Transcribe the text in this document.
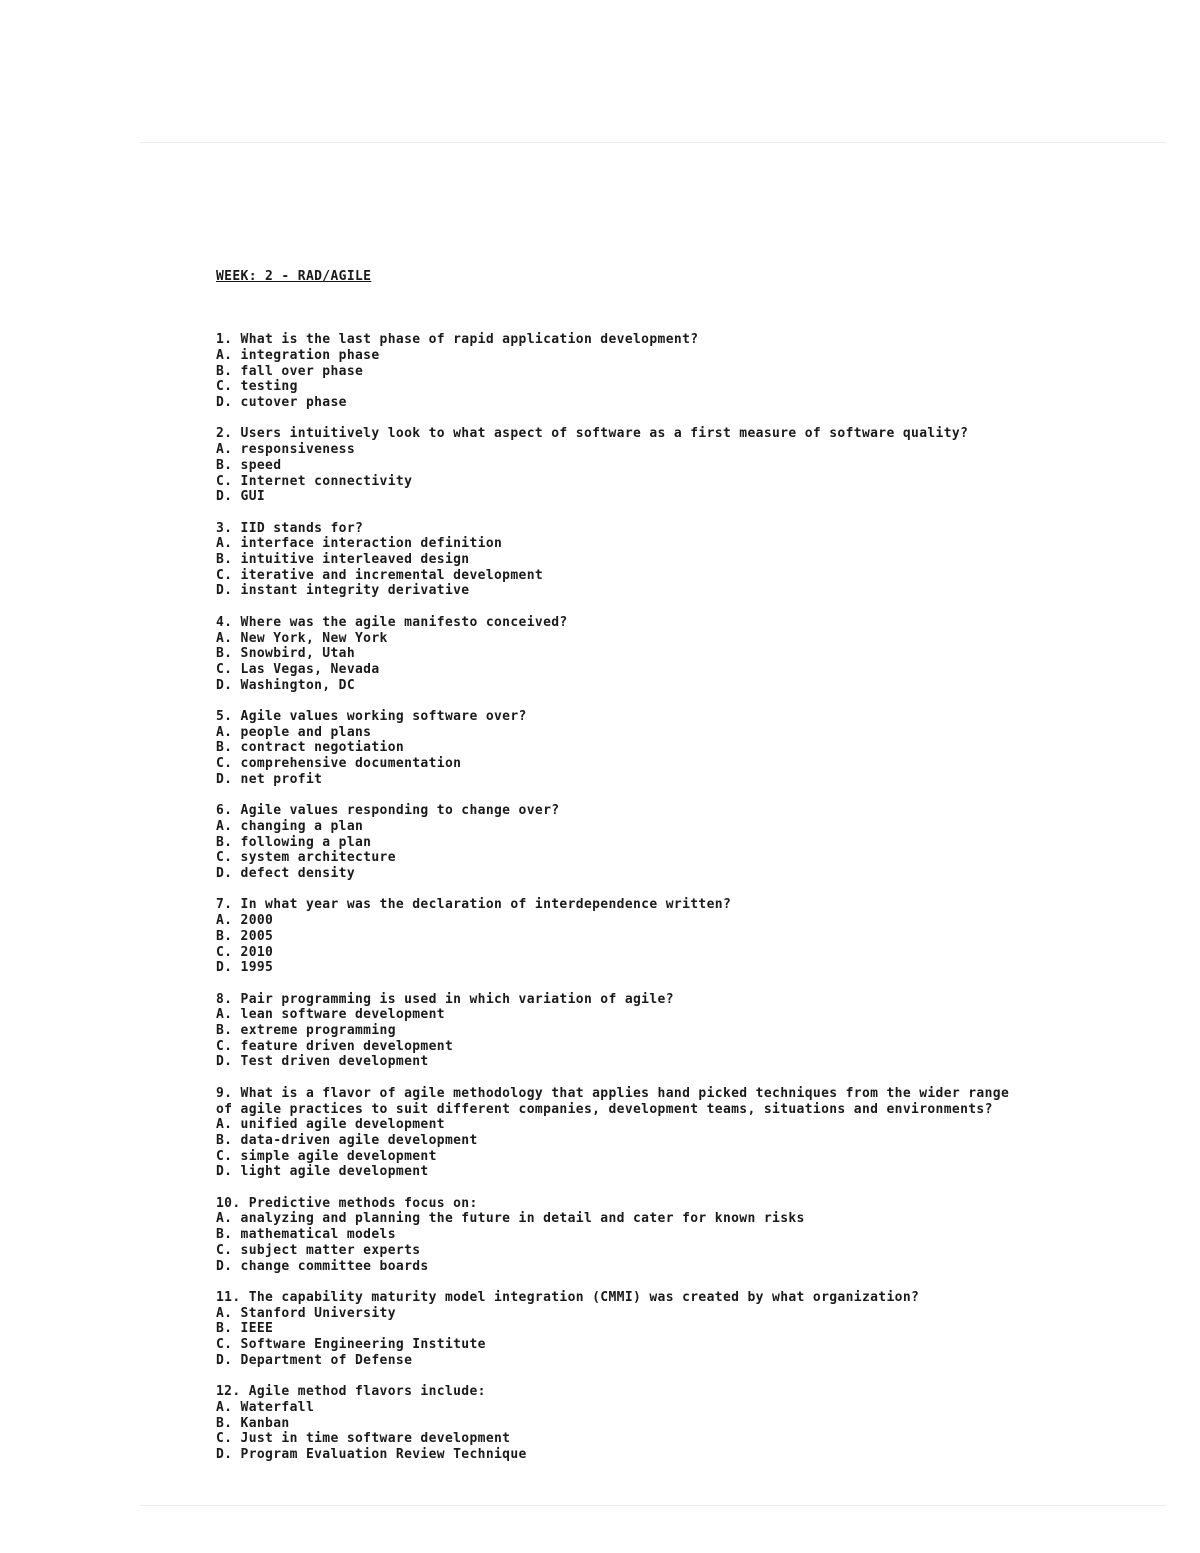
WEEK: 2 - RAD/AGILE

1. What is the last phase of rapid application development?
A. integration phase
B. fall over phase
C. testing
D. cutover phase
2. Users intuitively look to what aspect of software as a first measure of software quality?
A. responsiveness
B. speed
C. Internet connectivity
D. GUI
3. IID stands for?
A. interface interaction definition
B. intuitive interleaved design
C. iterative and incremental development
D. instant integrity derivative
4. Where was the agile manifesto conceived?
A. New York, New York
B. Snowbird, Utah
C. Las Vegas, Nevada
D. Washington, DC
5. Agile values working software over?
A. people and plans
B. contract negotiation
C. comprehensive documentation
D. net profit
6. Agile values responding to change over?
A. changing a plan
B. following a plan
C. system architecture
D. defect density
7. In what year was the declaration of interdependence written?
A. 2000
B. 2005
C. 2010
D. 1995
8. Pair programming is used in which variation of agile?
A. lean software development
B. extreme programming
C. feature driven development
D. Test driven development
9. What is a flavor of agile methodology that applies hand picked techniques from the wider range
of agile practices to suit different companies, development teams, situations and environments?
A. unified agile development
B. data-driven agile development
C. simple agile development
D. light agile development
10. Predictive methods focus on:
A. analyzing and planning the future in detail and cater for known risks
B. mathematical models
C. subject matter experts
D. change committee boards
11. The capability maturity model integration (CMMI) was created by what organization?
A. Stanford University
B. IEEE
C. Software Engineering Institute
D. Department of Defense
12. Agile method flavors include:
A. Waterfall
B. Kanban
C. Just in time software development
D. Program Evaluation Review Technique
